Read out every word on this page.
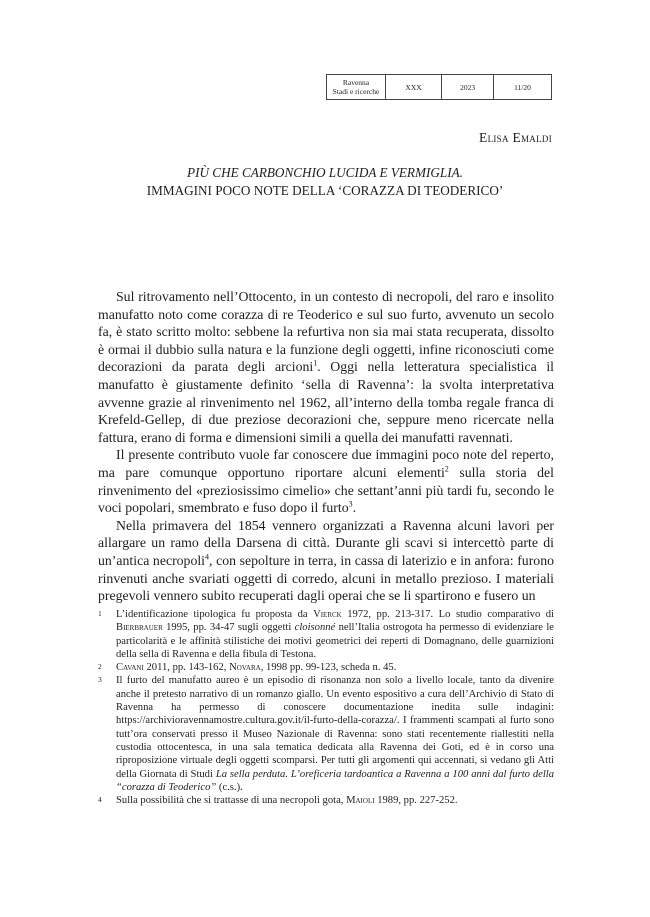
Ravenna
Stadi e ricerche	XXX	2023	11/20
Elisa Emaldi
PIÙ CHE CARBONCHIO LUCIDA E VERMIGLIA.
IMMAGINI POCO NOTE DELLA ‘CORAZZA DI TEODERICO’

Sul ritrovamento nell’Ottocento, in un contesto di necropoli, del raro e insolito manufatto noto come corazza di re Teoderico e sul suo furto, avvenuto un secolo fa, è stato scritto molto: sebbene la refurtiva non sia mai stata recuperata, dissolto è ormai il dubbio sulla natura e la funzione degli oggetti, infine riconosciuti come decorazioni da parata degli arcioni$^1$. Oggi nella letteratura specialistica il manufatto è giustamente definito ‘sella di Ravenna’: la svolta interpretativa avvenne grazie al rinvenimento nel 1962, all’interno della tomba regale franca di Krefeld-Gellep, di due preziose decorazioni che, seppure meno ricercate nella fattura, erano di forma e dimensioni simili a quella dei manufatti ravennati.

Il presente contributo vuole far conoscere due immagini poco note del reperto, ma pare comunque opportuno riportare alcuni elementi$^2$ sulla storia del rinvenimento del «preziosissimo cimelio» che settant’anni più tardi fu, secondo le voci popolari, smembrato e fuso dopo il furto$^3$.

Nella primavera del 1854 vennero organizzati a Ravenna alcuni lavori per allargare un ramo della Darsena di città. Durante gli scavi si intercettò parte di un’antica necropoli$^4$, con sepolture in terra, in cassa di laterizio e in anfora: furono rinvenuti anche svariati oggetti di corredo, alcuni in metallo prezioso. I materiali pregevoli vennero subito recuperati dagli operai che se li spartirono e fusero un

1	L’identificazione tipologica fu proposta da Vierck 1972, pp. 213-317. Lo studio comparativo di Bierbrauer 1995, pp. 34-47 sugli oggetti cloisonné nell’Italia ostrogota ha permesso di evidenziare le particolarità e le affinità stilistiche dei motivi geometrici dei reperti di Domagnano, delle guarnizioni della sella di Ravenna e della fibula di Testona.
2	Cavani 2011, pp. 143-162, Novara, 1998 pp. 99-123, scheda n. 45.
3	Il furto del manufatto aureo è un episodio di risonanza non solo a livello locale, tanto da divenire anche il pretesto narrativo di un romanzo giallo. Un evento espositivo a cura dell’Archivio di Stato di Ravenna ha permesso di conoscere documentazione inedita sulle indagini: https://archivioravennamostre.cultura.gov.it/il-furto-della-corazza/. I frammenti scampati al furto sono tutt’ora conservati presso il Museo Nazionale di Ravenna: sono stati recentemente riallestiti nella custodia ottocentesca, in una sala tematica dedicata alla Ravenna dei Goti, ed è in corso una riproposizione virtuale degli oggetti scomparsi. Per tutti gli argomenti qui accennati, si vedano gli Atti della Giornata di Studi La sella perduta. L’oreficeria tardoantica a Ravenna a 100 anni dal furto della “corazza di Teoderico” (c.s.).
4	Sulla possibilità che si trattasse di una necropoli gota, Maioli 1989, pp. 227-252.
